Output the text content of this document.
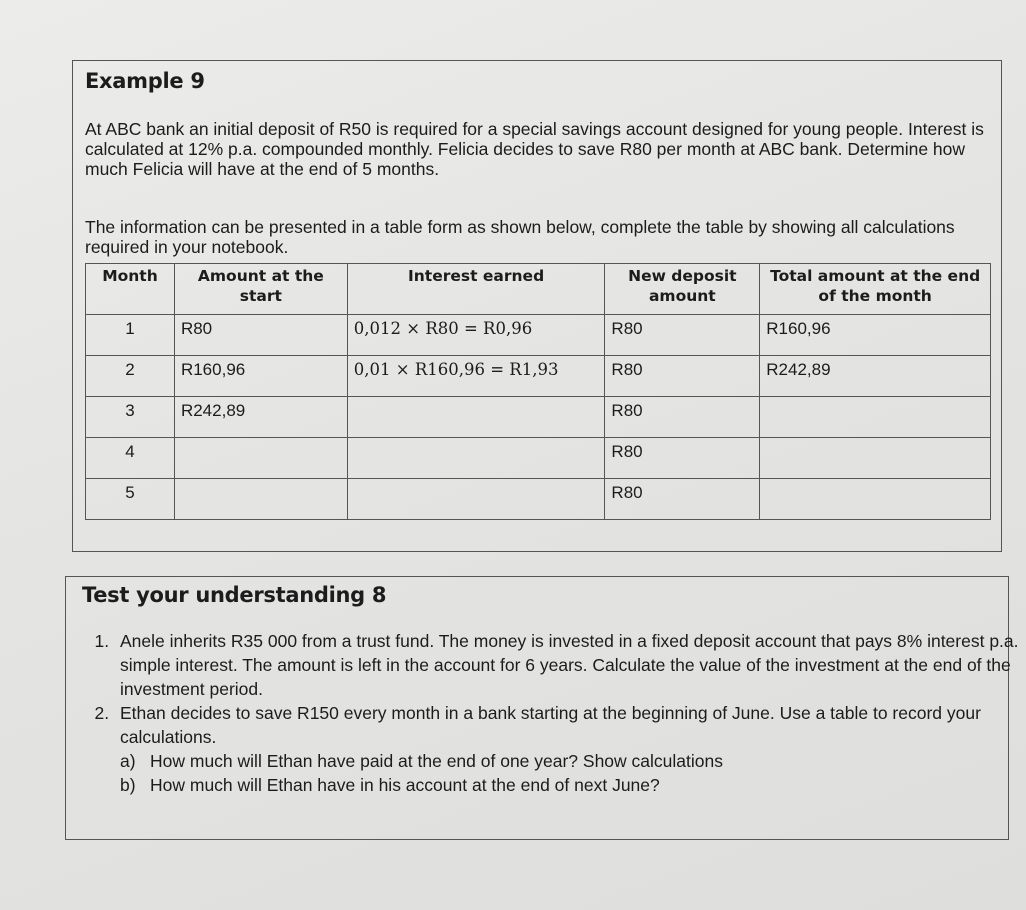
Example 9
At ABC bank an initial deposit of R50 is required for a special savings account designed for young people. Interest is calculated at 12% p.a. compounded monthly. Felicia decides to save R80 per month at ABC bank. Determine how much Felicia will have at the end of 5 months.
The information can be presented in a table form as shown below, complete the table by showing all calculations required in your notebook.
Month	Amount at the start	Interest earned	New deposit amount	Total amount at the end of the month
1	R80	0,012 × R80 = R0,96	R80	R160,96
2	R160,96	0,01 × R160,96 = R1,93	R80	R242,89
3	R242,89		R80	
4			R80	
5			R80	
Test your understanding 8
1. Anele inherits R35 000 from a trust fund. The money is invested in a fixed deposit account that pays 8% interest p.a. simple interest. The amount is left in the account for 6 years. Calculate the value of the investment at the end of the investment period.
2. Ethan decides to save R150 every month in a bank starting at the beginning of June. Use a table to record your calculations.
a) How much will Ethan have paid at the end of one year? Show calculations
b) How much will Ethan have in his account at the end of next June?
